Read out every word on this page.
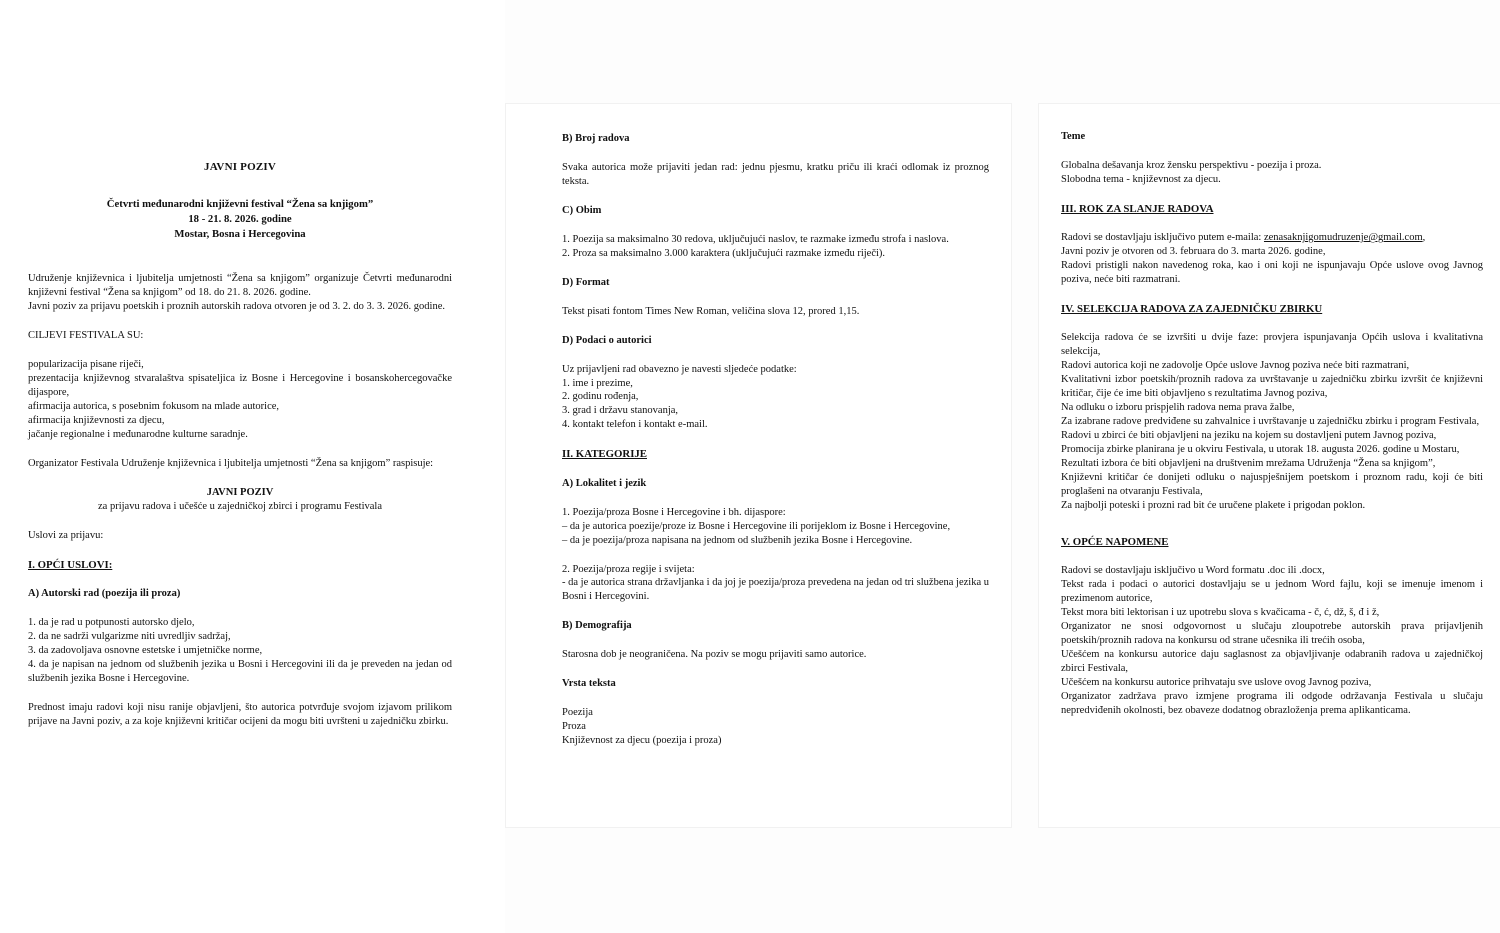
JAVNI POZIV

Četvrti međunarodni književni festival “Žena sa knjigom”

18 - 21. 8. 2026. godine

Mostar, Bosna i Hercegovina

Udruženje književnica i ljubitelja umjetnosti “Žena sa knjigom” organizuje Četvrti međunarodni književni festival “Žena sa knjigom” od 18. do 21. 8. 2026. godine.

Javni poziv za prijavu poetskih i proznih autorskih radova otvoren je od 3. 2. do 3. 3. 2026. godine.

CILJEVI FESTIVALA SU:

popularizacija pisane riječi,

prezentacija književnog stvaralaštva spisateljica iz Bosne i Hercegovine i bosanskohercegovačke dijaspore,

afirmacija autorica, s posebnim fokusom na mlade autorice,

afirmacija književnosti za djecu,

jačanje regionalne i međunarodne kulturne saradnje.

Organizator Festivala Udruženje književnica i ljubitelja umjetnosti “Žena sa knjigom” raspisuje:

JAVNI POZIV

za prijavu radova i učešće u zajedničkoj zbirci i programu Festivala

Uslovi za prijavu:

I. OPĆI USLOVI:

A) Autorski rad (poezija ili proza)

1. da je rad u potpunosti autorsko djelo,

2. da ne sadrži vulgarizme niti uvredljiv sadržaj,

3. da zadovoljava osnovne estetske i umjetničke norme,

4. da je napisan na jednom od službenih jezika u Bosni i Hercegovini ili da je preveden na jedan od službenih jezika Bosne i Hercegovine.

Prednost imaju radovi koji nisu ranije objavljeni, što autorica potvrđuje svojom izjavom prilikom prijave na Javni poziv, a za koje književni kritičar ocijeni da mogu biti uvršteni u zajedničku zbirku.

B) Broj radova

Svaka autorica može prijaviti jedan rad: jednu pjesmu, kratku priču ili kraći odlomak iz proznog teksta.

C) Obim

1. Poezija sa maksimalno 30 redova, uključujući naslov, te razmake između strofa i naslova.

2. Proza sa maksimalno 3.000 karaktera (uključujući razmake između riječi).

D) Format

Tekst pisati fontom Times New Roman, veličina slova 12, prored 1,15.

D) Podaci o autorici

Uz prijavljeni rad obavezno je navesti sljedeće podatke:

1. ime i prezime,

2. godinu rođenja,

3. grad i državu stanovanja,

4. kontakt telefon i kontakt e-mail.

II. KATEGORIJE

A) Lokalitet i jezik

1. Poezija/proza Bosne i Hercegovine i bh. dijaspore:

– da je autorica poezije/proze iz Bosne i Hercegovine ili porijeklom iz Bosne i Hercegovine,

– da je poezija/proza napisana na jednom od službenih jezika Bosne i Hercegovine.

2. Poezija/proza regije i svijeta:

- da je autorica strana državljanka i da joj je poezija/proza prevedena na jedan od tri službena jezika u Bosni i Hercegovini.

B) Demografija

Starosna dob je neograničena. Na poziv se mogu prijaviti samo autorice.

Vrsta teksta

Poezija

Proza

Književnost za djecu (poezija i proza)

Teme

Globalna dešavanja kroz žensku perspektivu - poezija i proza.

Slobodna tema - književnost za djecu.

III. ROK ZA SLANJE RADOVA

Radovi se dostavljaju isključivo putem e-maila: zenasaknjigomudruzenje@gmail.com,

Javni poziv je otvoren od 3. februara do 3. marta 2026. godine,

Radovi pristigli nakon navedenog roka, kao i oni koji ne ispunjavaju Opće uslove ovog Javnog poziva, neće biti razmatrani.

IV. SELEKCIJA RADOVA ZA ZAJEDNIČKU ZBIRKU

Selekcija radova će se izvršiti u dvije faze: provjera ispunjavanja Općih uslova i kvalitativna selekcija,

Radovi autorica koji ne zadovolje Opće uslove Javnog poziva neće biti razmatrani,

Kvalitativni izbor poetskih/proznih radova za uvrštavanje u zajedničku zbirku izvršit će književni kritičar, čije će ime biti objavljeno s rezultatima Javnog poziva,

Na odluku o izboru prispjelih radova nema prava žalbe,

Za izabrane radove predviđene su zahvalnice i uvrštavanje u zajedničku zbirku i program Festivala,

Radovi u zbirci će biti objavljeni na jeziku na kojem su dostavljeni putem Javnog poziva,

Promocija zbirke planirana je u okviru Festivala, u utorak 18. augusta 2026. godine u Mostaru,

Rezultati izbora će biti objavljeni na društvenim mrežama Udruženja “Žena sa knjigom”,

Književni kritičar će donijeti odluku o najuspješnijem poetskom i proznom radu, koji će biti proglašeni na otvaranju Festivala,

Za najbolji poteski i prozni rad bit će uručene plakete i prigodan poklon.

V. OPĆE NAPOMENE

Radovi se dostavljaju isključivo u Word formatu .doc ili .docx,

Tekst rada i podaci o autorici dostavljaju se u jednom Word fajlu, koji se imenuje imenom i prezimenom autorice,

Tekst mora biti lektorisan i uz upotrebu slova s kvačicama - č, ć, dž, š, đ i ž,

Organizator ne snosi odgovornost u slučaju zloupotrebe autorskih prava prijavljenih poetskih/proznih radova na konkursu od strane učesnika ili trećih osoba,

Učešćem na konkursu autorice daju saglasnost za objavljivanje odabranih radova u zajedničkoj zbirci Festivala,

Učešćem na konkursu autorice prihvataju sve uslove ovog Javnog poziva,

Organizator zadržava pravo izmjene programa ili odgode održavanja Festivala u slučaju nepredviđenih okolnosti, bez obaveze dodatnog obrazloženja prema aplikanticama.
